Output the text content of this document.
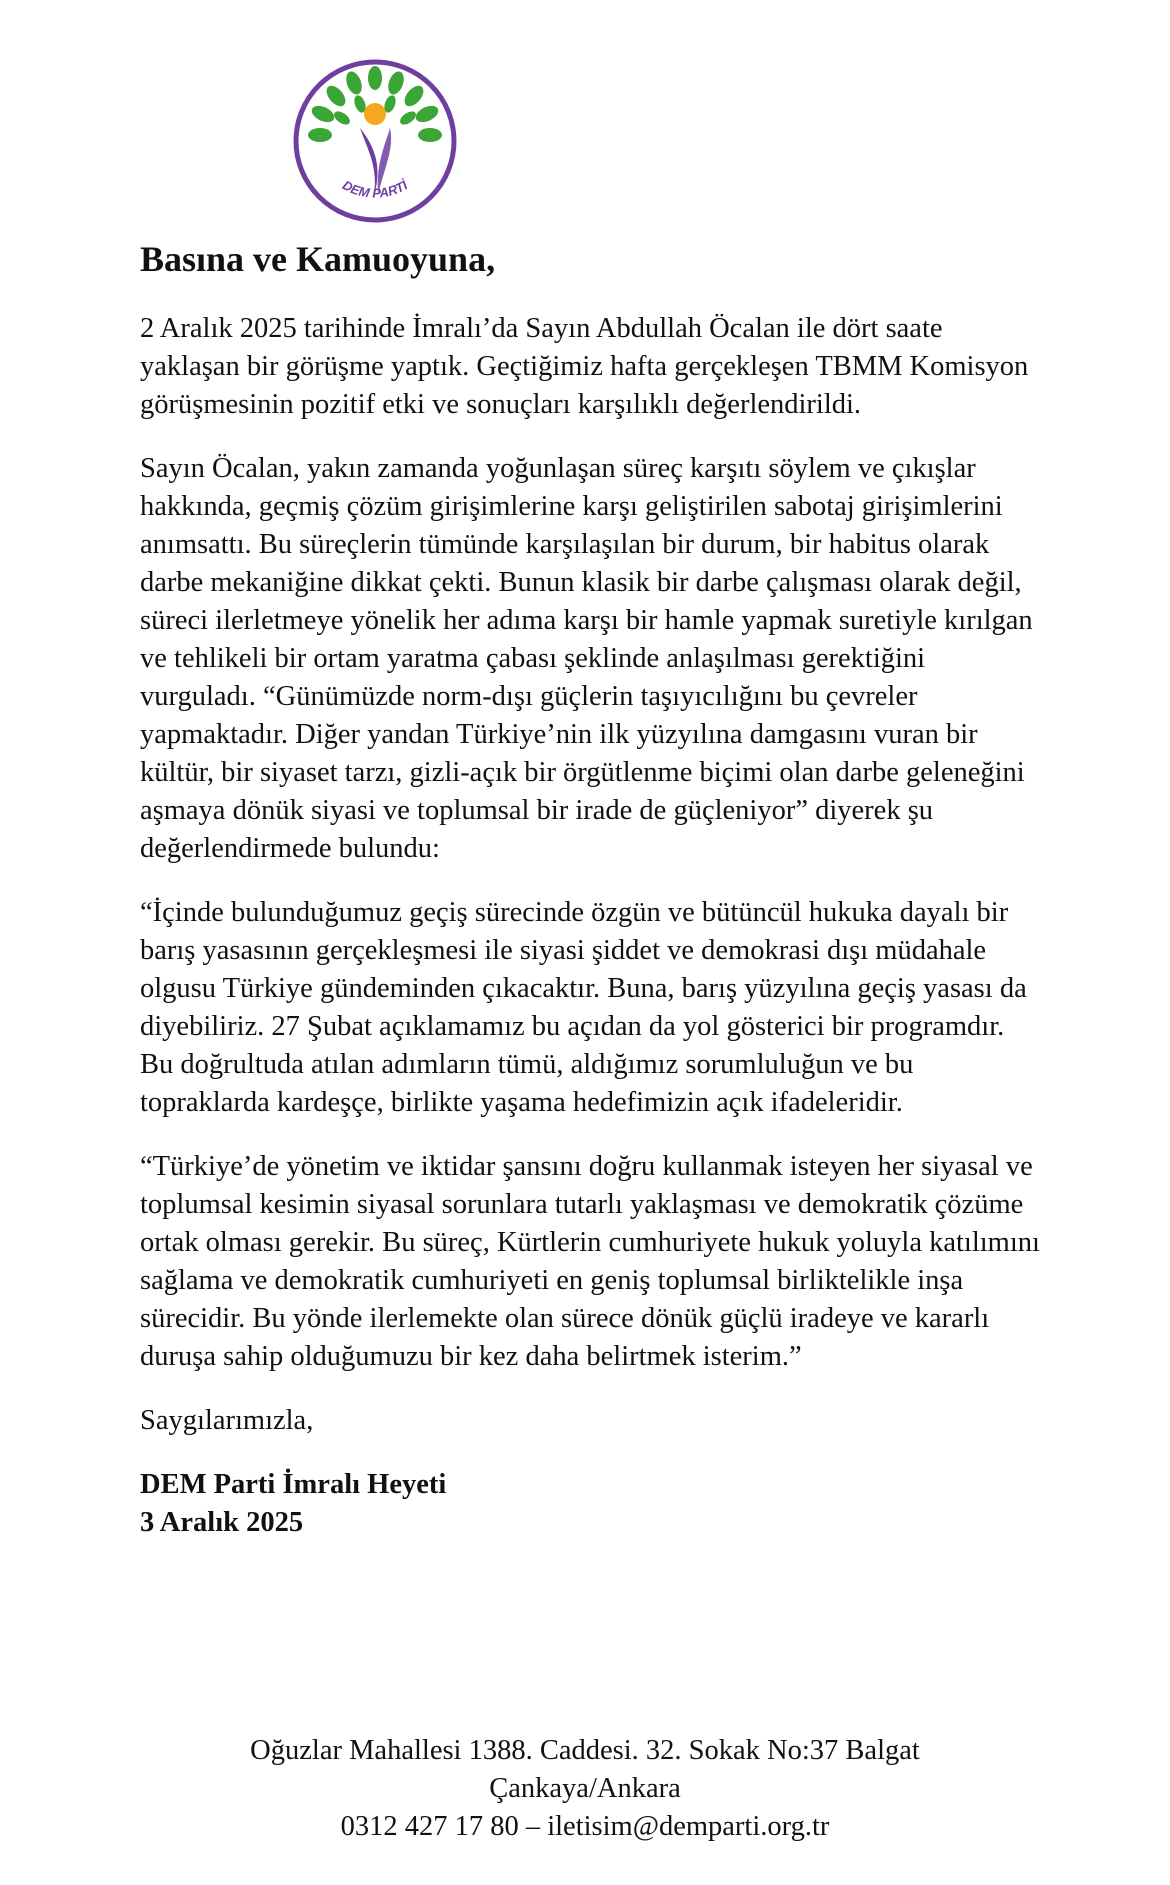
DEM PARTİ
Basına ve Kamuoyuna,

2 Aralık 2025 tarihinde İmralı’da Sayın Abdullah Öcalan ile dört saate yaklaşan bir görüşme yaptık. Geçtiğimiz hafta gerçekleşen TBMM Komisyon görüşmesinin pozitif etki ve sonuçları karşılıklı değerlendirildi.

Sayın Öcalan, yakın zamanda yoğunlaşan süreç karşıtı söylem ve çıkışlar hakkında, geçmiş çözüm girişimlerine karşı geliştirilen sabotaj girişimlerini anımsattı. Bu süreçlerin tümünde karşılaşılan bir durum, bir habitus olarak darbe mekaniğine dikkat çekti. Bunun klasik bir darbe çalışması olarak değil, süreci ilerletmeye yönelik her adıma karşı bir hamle yapmak suretiyle kırılgan ve tehlikeli bir ortam yaratma çabası şeklinde anlaşılması gerektiğini vurguladı. “Günümüzde norm-dışı güçlerin taşıyıcılığını bu çevreler yapmaktadır. Diğer yandan Türkiye’nin ilk yüzyılına damgasını vuran bir kültür, bir siyaset tarzı, gizli-açık bir örgütlenme biçimi olan darbe geleneğini aşmaya dönük siyasi ve toplumsal bir irade de güçleniyor” diyerek şu değerlendirmede bulundu:

“İçinde bulunduğumuz geçiş sürecinde özgün ve bütüncül hukuka dayalı bir barış yasasının gerçekleşmesi ile siyasi şiddet ve demokrasi dışı müdahale olgusu Türkiye gündeminden çıkacaktır. Buna, barış yüzyılına geçiş yasası da diyebiliriz. 27 Şubat açıklamamız bu açıdan da yol gösterici bir programdır. Bu doğrultuda atılan adımların tümü, aldığımız sorumluluğun ve bu topraklarda kardeşçe, birlikte yaşama hedefimizin açık ifadeleridir.

“Türkiye’de yönetim ve iktidar şansını doğru kullanmak isteyen her siyasal ve toplumsal kesimin siyasal sorunlara tutarlı yaklaşması ve demokratik çözüme ortak olması gerekir. Bu süreç, Kürtlerin cumhuriyete hukuk yoluyla katılımını sağlama ve demokratik cumhuriyeti en geniş toplumsal birliktelikle inşa sürecidir. Bu yönde ilerlemekte olan sürece dönük güçlü iradeye ve kararlı duruşa sahip olduğumuzu bir kez daha belirtmek isterim.”

Saygılarımızla,

DEM Parti İmralı Heyeti

3 Aralık 2025

Oğuzlar Mahallesi 1388. Caddesi. 32. Sokak No:37 Balgat
Çankaya/Ankara
0312 427 17 80 – iletisim@demparti.org.tr
